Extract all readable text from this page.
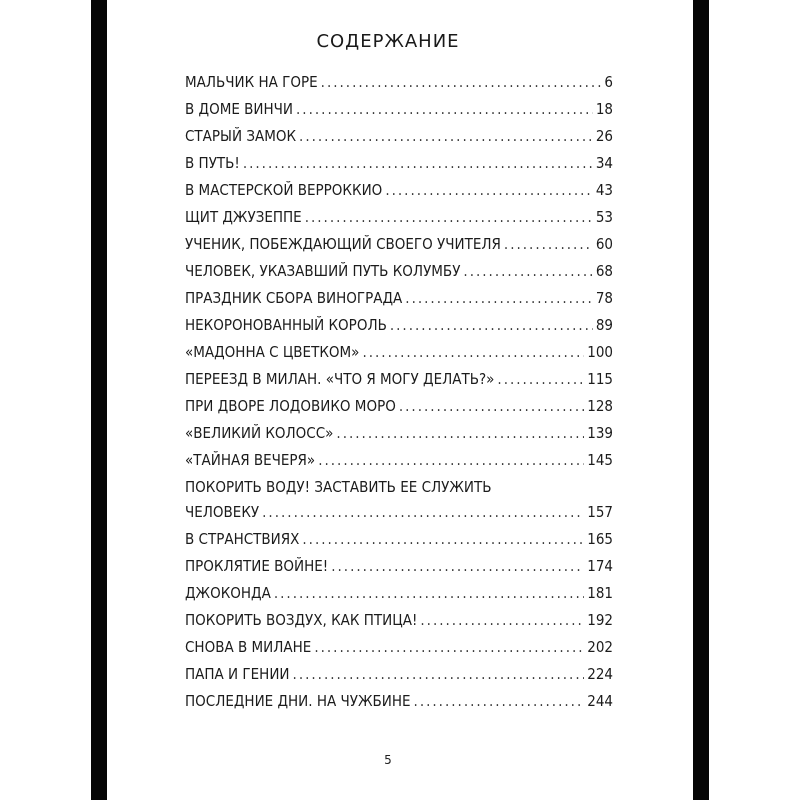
СОДЕРЖАНИЕ
МАЛЬЧИК НА ГОРЕ .....	6
В ДОМЕ ВИНЧИ .....	18
СТАРЫЙ ЗАМОК .....	26
В ПУТЬ! .....	34
В МАСТЕРСКОЙ ВЕРРОККИО .....	43
ЩИТ ДЖУЗЕППЕ .....	53
УЧЕНИК, ПОБЕЖДАЮЩИЙ СВОЕГО УЧИТЕЛЯ .....	60
ЧЕЛОВЕК, УКАЗАВШИЙ ПУТЬ КОЛУМБУ .....	68
ПРАЗДНИК СБОРА ВИНОГРАДА .....	78
НЕКОРОНОВАННЫЙ КОРОЛЬ .....	89
«МАДОННА С ЦВЕТКОМ» .....	100
ПЕРЕЕЗД В МИЛАН. «ЧТО Я МОГУ ДЕЛАТЬ?» .....	115
ПРИ ДВОРЕ ЛОДОВИКО МОРО .....	128
«ВЕЛИКИЙ КОЛОСС» .....	139
«ТАЙНАЯ ВЕЧЕРЯ» .....	145
ПОКОРИТЬ ВОДУ! ЗАСТАВИТЬ ЕЕ СЛУЖИТЬ
ЧЕЛОВЕКУ .....	157
В СТРАНСТВИЯХ .....	165
ПРОКЛЯТИЕ ВОЙНЕ! .....	174
ДЖОКОНДА .....	181
ПОКОРИТЬ ВОЗДУХ, КАК ПТИЦА! .....	192
СНОВА В МИЛАНЕ .....	202
ПАПА И ГЕНИИ .....	224
ПОСЛЕДНИЕ ДНИ. НА ЧУЖБИНЕ .....	244
5
